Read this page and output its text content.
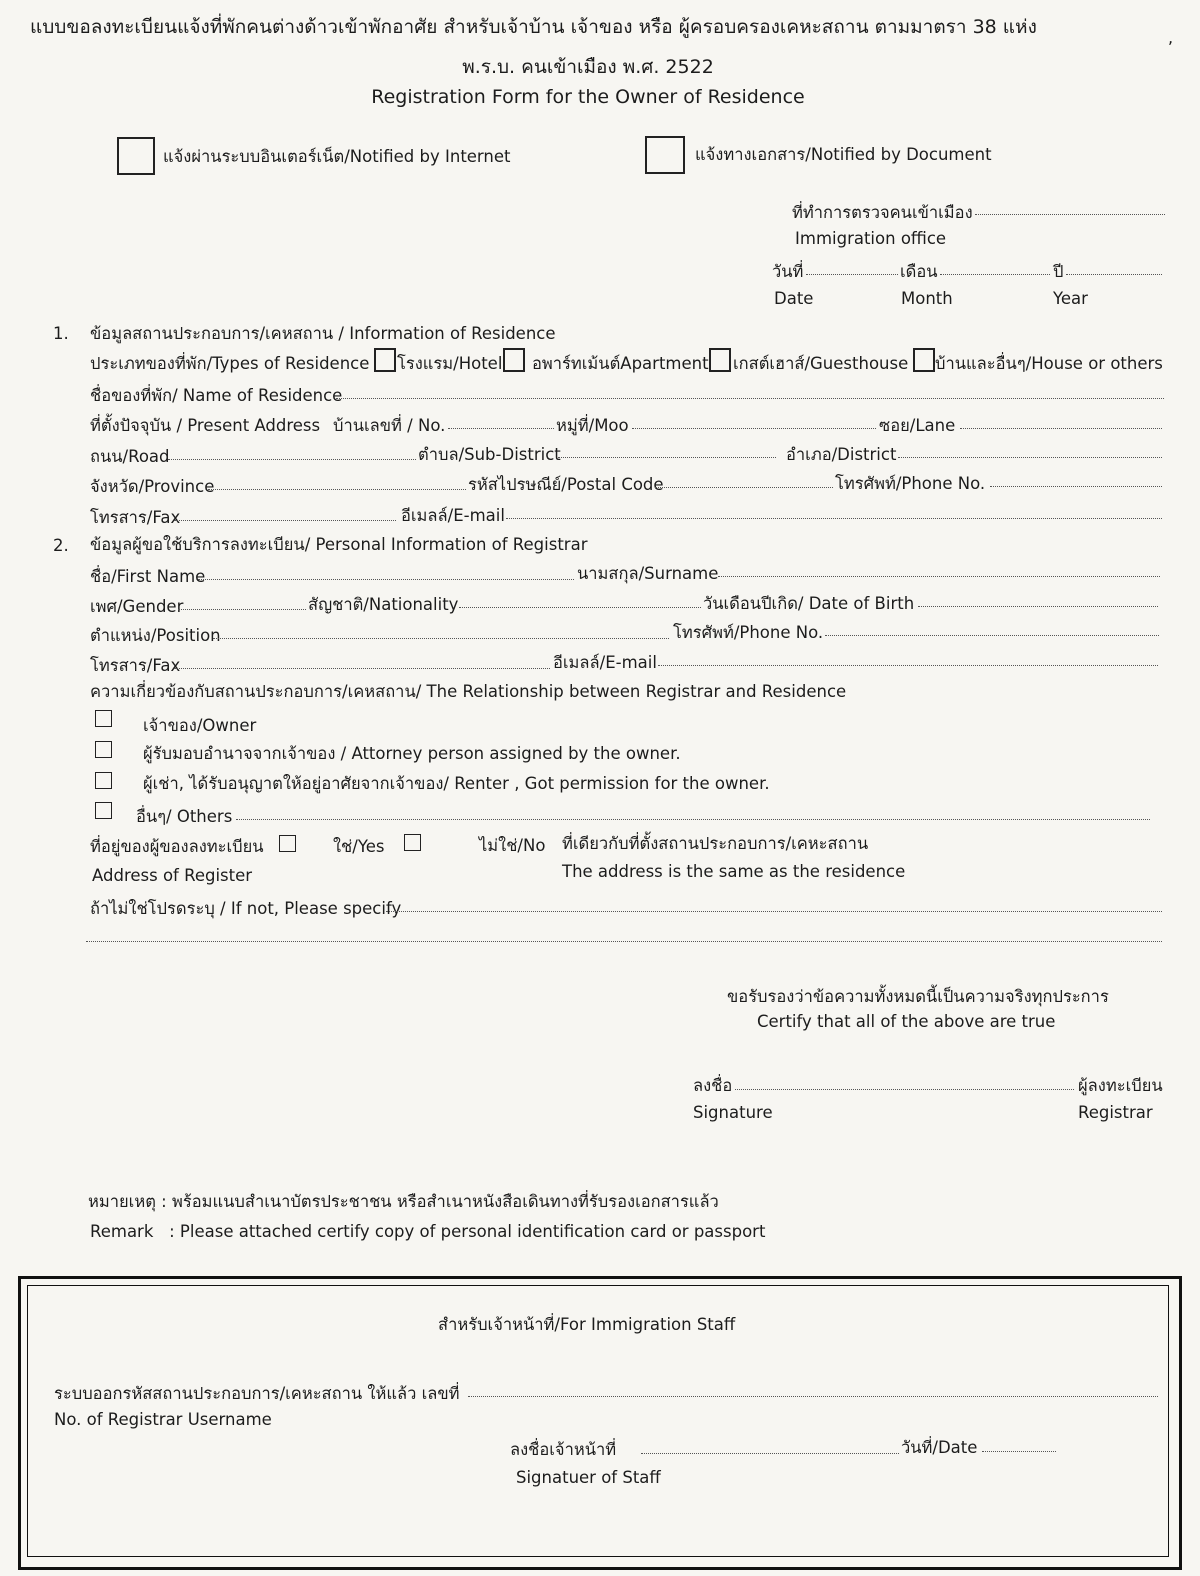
แบบขอลงทะเบียนแจ้งที่พักคนต่างด้าวเข้าพักอาศัย สำหรับเจ้าบ้าน เจ้าของ หรือ ผู้ครอบครองเคหะสถาน ตามมาตรา 38 แห่ง	,
พ.ร.บ. คนเข้าเมือง พ.ศ. 2522
Registration Form for the Owner of Residence
แจ้งผ่านระบบอินเตอร์เน็ต/Notified by Internet	แจ้งทางเอกสาร/Notified by Document
ที่ทำการตรวจคนเข้าเมือง
Immigration office
วันที่	เดือน	ปี
Date	Month	Year
1. ข้อมูลสถานประกอบการ/เคหสถาน / Information of Residence
ประเภทของที่พัก/Types of Residence โรงแรม/Hotel อพาร์ทเม้นต์Apartment เกสต์เฮาส์/Guesthouse บ้านและอื่นๆ/House or others
ชื่อของที่พัก/ Name of Residence
ที่ตั้งปัจจุบัน / Present Address บ้านเลขที่ / No.	หมู่ที่/Moo	ซอย/Lane
ถนน/Road	ตำบล/Sub-District	อำเภอ/District
จังหวัด/Province	รหัสไปรษณีย์/Postal Code	โทรศัพท์/Phone No.
โทรสาร/Fax	อีเมลล์/E-mail
2. ข้อมูลผู้ขอใช้บริการลงทะเบียน/ Personal Information of Registrar
ชื่อ/First Name	นามสกุล/Surname
เพศ/Gender	สัญชาติ/Nationality	วันเดือนปีเกิด/ Date of Birth
ตำแหน่ง/Position	โทรศัพท์/Phone No.
โทรสาร/Fax	อีเมลล์/E-mail
ความเกี่ยวข้องกับสถานประกอบการ/เคหสถาน/ The Relationship between Registrar and Residence
เจ้าของ/Owner
ผู้รับมอบอำนาจจากเจ้าของ / Attorney person assigned by the owner.
ผู้เช่า, ได้รับอนุญาตให้อยู่อาศัยจากเจ้าของ/ Renter , Got permission for the owner.
อื่นๆ/ Others
ที่อยู่ของผู้ของลงทะเบียน	ใช่/Yes	ไม่ใช่/No ที่เดียวกับที่ตั้งสถานประกอบการ/เคหะสถาน
Address of Register	The address is the same as the residence
ถ้าไม่ใช่โปรดระบุ / If not, Please specify
ขอรับรองว่าข้อความทั้งหมดนี้เป็นความจริงทุกประการ
Certify that all of the above are true
ลงชื่อ	ผู้ลงทะเบียน
Signature	Registrar
หมายเหตุ : พร้อมแนบสำเนาบัตรประชาชน หรือสำเนาหนังสือเดินทางที่รับรองเอกสารแล้ว
Remark   : Please attached certify copy of personal identification card or passport
สำหรับเจ้าหน้าที่/For Immigration Staff
ระบบออกรหัสสถานประกอบการ/เคหะสถาน ให้แล้ว เลขที่
No. of Registrar Username
ลงชื่อเจ้าหน้าที่	วันที่/Date
Signatuer of Staff
